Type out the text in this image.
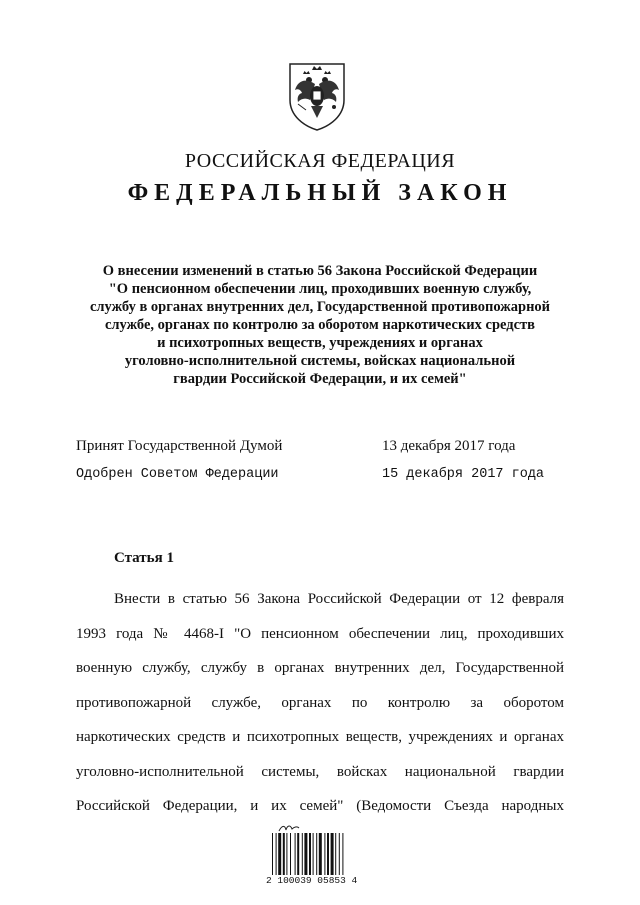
РОССИЙСКАЯ ФЕДЕРАЦИЯ
ФЕДЕРАЛЬНЫЙ ЗАКОН
О внесении изменений в статью 56 Закона Российской Федерации
"О пенсионном обеспечении лиц, проходивших военную службу,
службу в органах внутренних дел, Государственной противопожарной
службе, органах по контролю за оборотом наркотических средств
и психотропных веществ, учреждениях и органах
уголовно-исполнительной системы, войсках национальной
гвардии Российской Федерации, и их семей"
Принят Государственной Думой	13 декабря 2017 года
Одобрен Советом Федерации	15 декабря 2017 года
Статья 1
Внести в статью 56 Закона Российской Федерации от 12 февраля
1993 года № 4468-I "О пенсионном обеспечении лиц, проходивших
военную службу, службу в органах внутренних дел, Государственной
противопожарной службе, органах по контролю за оборотом
наркотических средств и психотропных веществ, учреждениях и органах
уголовно-исполнительной системы, войсках национальной гвардии
Российской Федерации, и их семей" (Ведомости Съезда народных
2 100039 05853 4
